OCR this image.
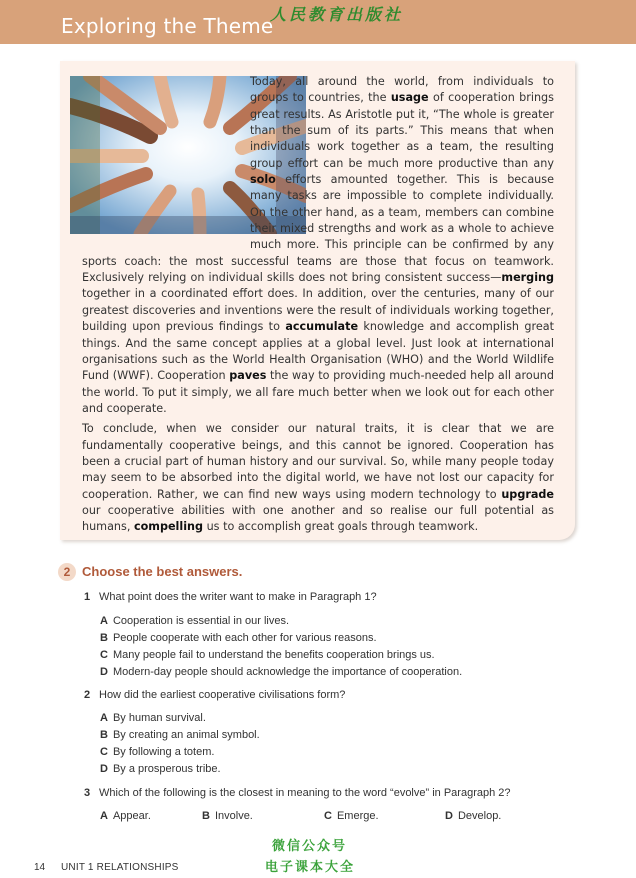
Exploring the Theme
人民教育出版社

Today, all around the world, from individuals to groups to countries, the usage of cooperation brings great results. As Aristotle put it, “The whole is greater than the sum of its parts.” This means that when individuals work together as a team, the resulting group effort can be much more productive than any solo efforts amounted together. This is because many tasks are impossible to complete individually. On the other hand, as a team, members can combine their mixed strengths and work as a whole to achieve much more. This principle can be confirmed by any sports coach: the most successful teams are those that focus on teamwork. Exclusively relying on individual skills does not bring consistent success—merging together in a coordinated effort does. In addition, over the centuries, many of our greatest discoveries and inventions were the result of individuals working together, building upon previous findings to accumulate knowledge and accomplish great things. And the same concept applies at a global level. Just look at international organisations such as the World Health Organisation (WHO) and the World Wildlife Fund (WWF). Cooperation paves the way to providing much-needed help all around the world. To put it simply, we all fare much better when we look out for each other and cooperate.

To conclude, when we consider our natural traits, it is clear that we are fundamentally cooperative beings, and this cannot be ignored. Cooperation has been a crucial part of human history and our survival. So, while many people today may seem to be absorbed into the digital world, we have not lost our capacity for cooperation. Rather, we can find new ways using modern technology to upgrade our cooperative abilities with one another and so realise our full potential as humans, compelling us to accomplish great goals through teamwork.

2 Choose the best answers.
1 What point does the writer want to make in Paragraph 1?
A Cooperation is essential in our lives.
B People cooperate with each other for various reasons.
C Many people fail to understand the benefits cooperation brings us.
D Modern-day people should acknowledge the importance of cooperation.
2 How did the earliest cooperative civilisations form?
A By human survival.
B By creating an animal symbol.
C By following a totem.
D By a prosperous tribe.
3 Which of the following is the closest in meaning to the word “evolve” in Paragraph 2?
A Appear.	B Involve.	C Emerge.	D Develop.
14 UNIT 1 RELATIONSHIPS
微信公众号
电子课本大全
